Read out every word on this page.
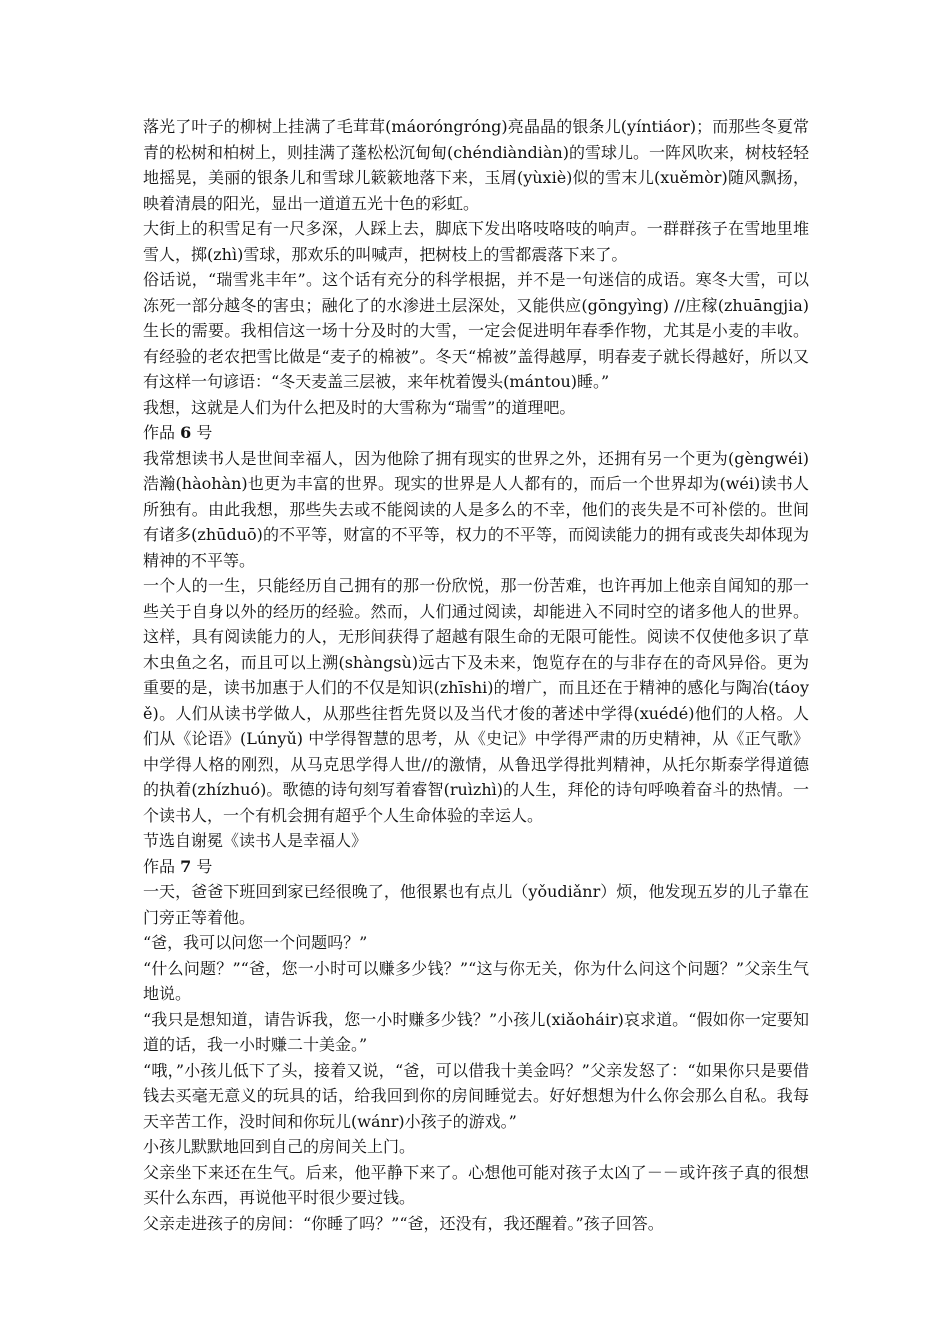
落光了叶子的柳树上挂满了毛茸茸(máoróngróng)亮晶晶的银条儿(yíntiáor)；而那些冬夏常青的松树和柏树上，则挂满了蓬松松沉甸甸(chéndiàndiàn)的雪球儿。一阵风吹来，树枝轻轻地摇晃，美丽的银条儿和雪球儿簌簌地落下来，玉屑(yùxiè)似的雪末儿(xuěmòr)随风飘扬，映着清晨的阳光，显出一道道五光十色的彩虹。

大街上的积雪足有一尺多深，人踩上去，脚底下发出咯吱咯吱的响声。一群群孩子在雪地里堆雪人，掷(zhì)雪球，那欢乐的叫喊声，把树枝上的雪都震落下来了。

俗话说，“瑞雪兆丰年”。这个话有充分的科学根据，并不是一句迷信的成语。寒冬大雪，可以冻死一部分越冬的害虫；融化了的水渗进土层深处，又能供应(gōngyìng) //庄稼(zhuāngjia)生长的需要。我相信这一场十分及时的大雪，一定会促进明年春季作物，尤其是小麦的丰收。有经验的老农把雪比做是“麦子的棉被”。冬天“棉被”盖得越厚，明春麦子就长得越好，所以又有这样一句谚语：“冬天麦盖三层被，来年枕着馒头(mántou)睡。”

我想，这就是人们为什么把及时的大雪称为“瑞雪”的道理吧。

作品 6 号

我常想读书人是世间幸福人，因为他除了拥有现实的世界之外，还拥有另一个更为(gèngwéi)浩瀚(hàohàn)也更为丰富的世界。现实的世界是人人都有的，而后一个世界却为(wéi)读书人所独有。由此我想，那些失去或不能阅读的人是多么的不幸，他们的丧失是不可补偿的。世间有诸多(zhūduō)的不平等，财富的不平等，权力的不平等，而阅读能力的拥有或丧失却体现为精神的不平等。

一个人的一生，只能经历自己拥有的那一份欣悦，那一份苦难，也许再加上他亲自闻知的那一些关于自身以外的经历的经验。然而，人们通过阅读，却能进入不同时空的诸多他人的世界。这样，具有阅读能力的人，无形间获得了超越有限生命的无限可能性。阅读不仅使他多识了草木虫鱼之名，而且可以上溯(shàngsù)远古下及未来，饱览存在的与非存在的奇风异俗。更为重要的是，读书加惠于人们的不仅是知识(zhīshi)的增广，而且还在于精神的感化与陶冶(táoyě)。人们从读书学做人，从那些往哲先贤以及当代才俊的著述中学得(xuédé)他们的人格。人们从《论语》(Lúnyǔ) 中学得智慧的思考，从《史记》中学得严肃的历史精神，从《正气歌》中学得人格的刚烈，从马克思学得人世//的激情，从鲁迅学得批判精神，从托尔斯泰学得道德的执着(zhízhuó)。歌德的诗句刻写着睿智(ruìzhì)的人生，拜伦的诗句呼唤着奋斗的热情。一个读书人，一个有机会拥有超乎个人生命体验的幸运人。

节选自谢冕《读书人是幸福人》

作品 7 号

一天，爸爸下班回到家已经很晚了，他很累也有点儿（yǒudiǎnr）烦，他发现五岁的儿子靠在门旁正等着他。

“爸，我可以问您一个问题吗？”

“什么问题？”“爸，您一小时可以赚多少钱？”“这与你无关，你为什么问这个问题？”父亲生气地说。

“我只是想知道，请告诉我，您一小时赚多少钱？”小孩儿(xiǎoháir)哀求道。“假如你一定要知道的话，我一小时赚二十美金。”

“哦，”小孩儿低下了头，接着又说，“爸，可以借我十美金吗？”父亲发怒了：“如果你只是要借钱去买毫无意义的玩具的话，给我回到你的房间睡觉去。好好想想为什么你会那么自私。我每天辛苦工作，没时间和你玩儿(wánr)小孩子的游戏。”

小孩儿默默地回到自己的房间关上门。

父亲坐下来还在生气。后来，他平静下来了。心想他可能对孩子太凶了－－或许孩子真的很想买什么东西，再说他平时很少要过钱。

父亲走进孩子的房间：“你睡了吗？”“爸，还没有，我还醒着。”孩子回答。
